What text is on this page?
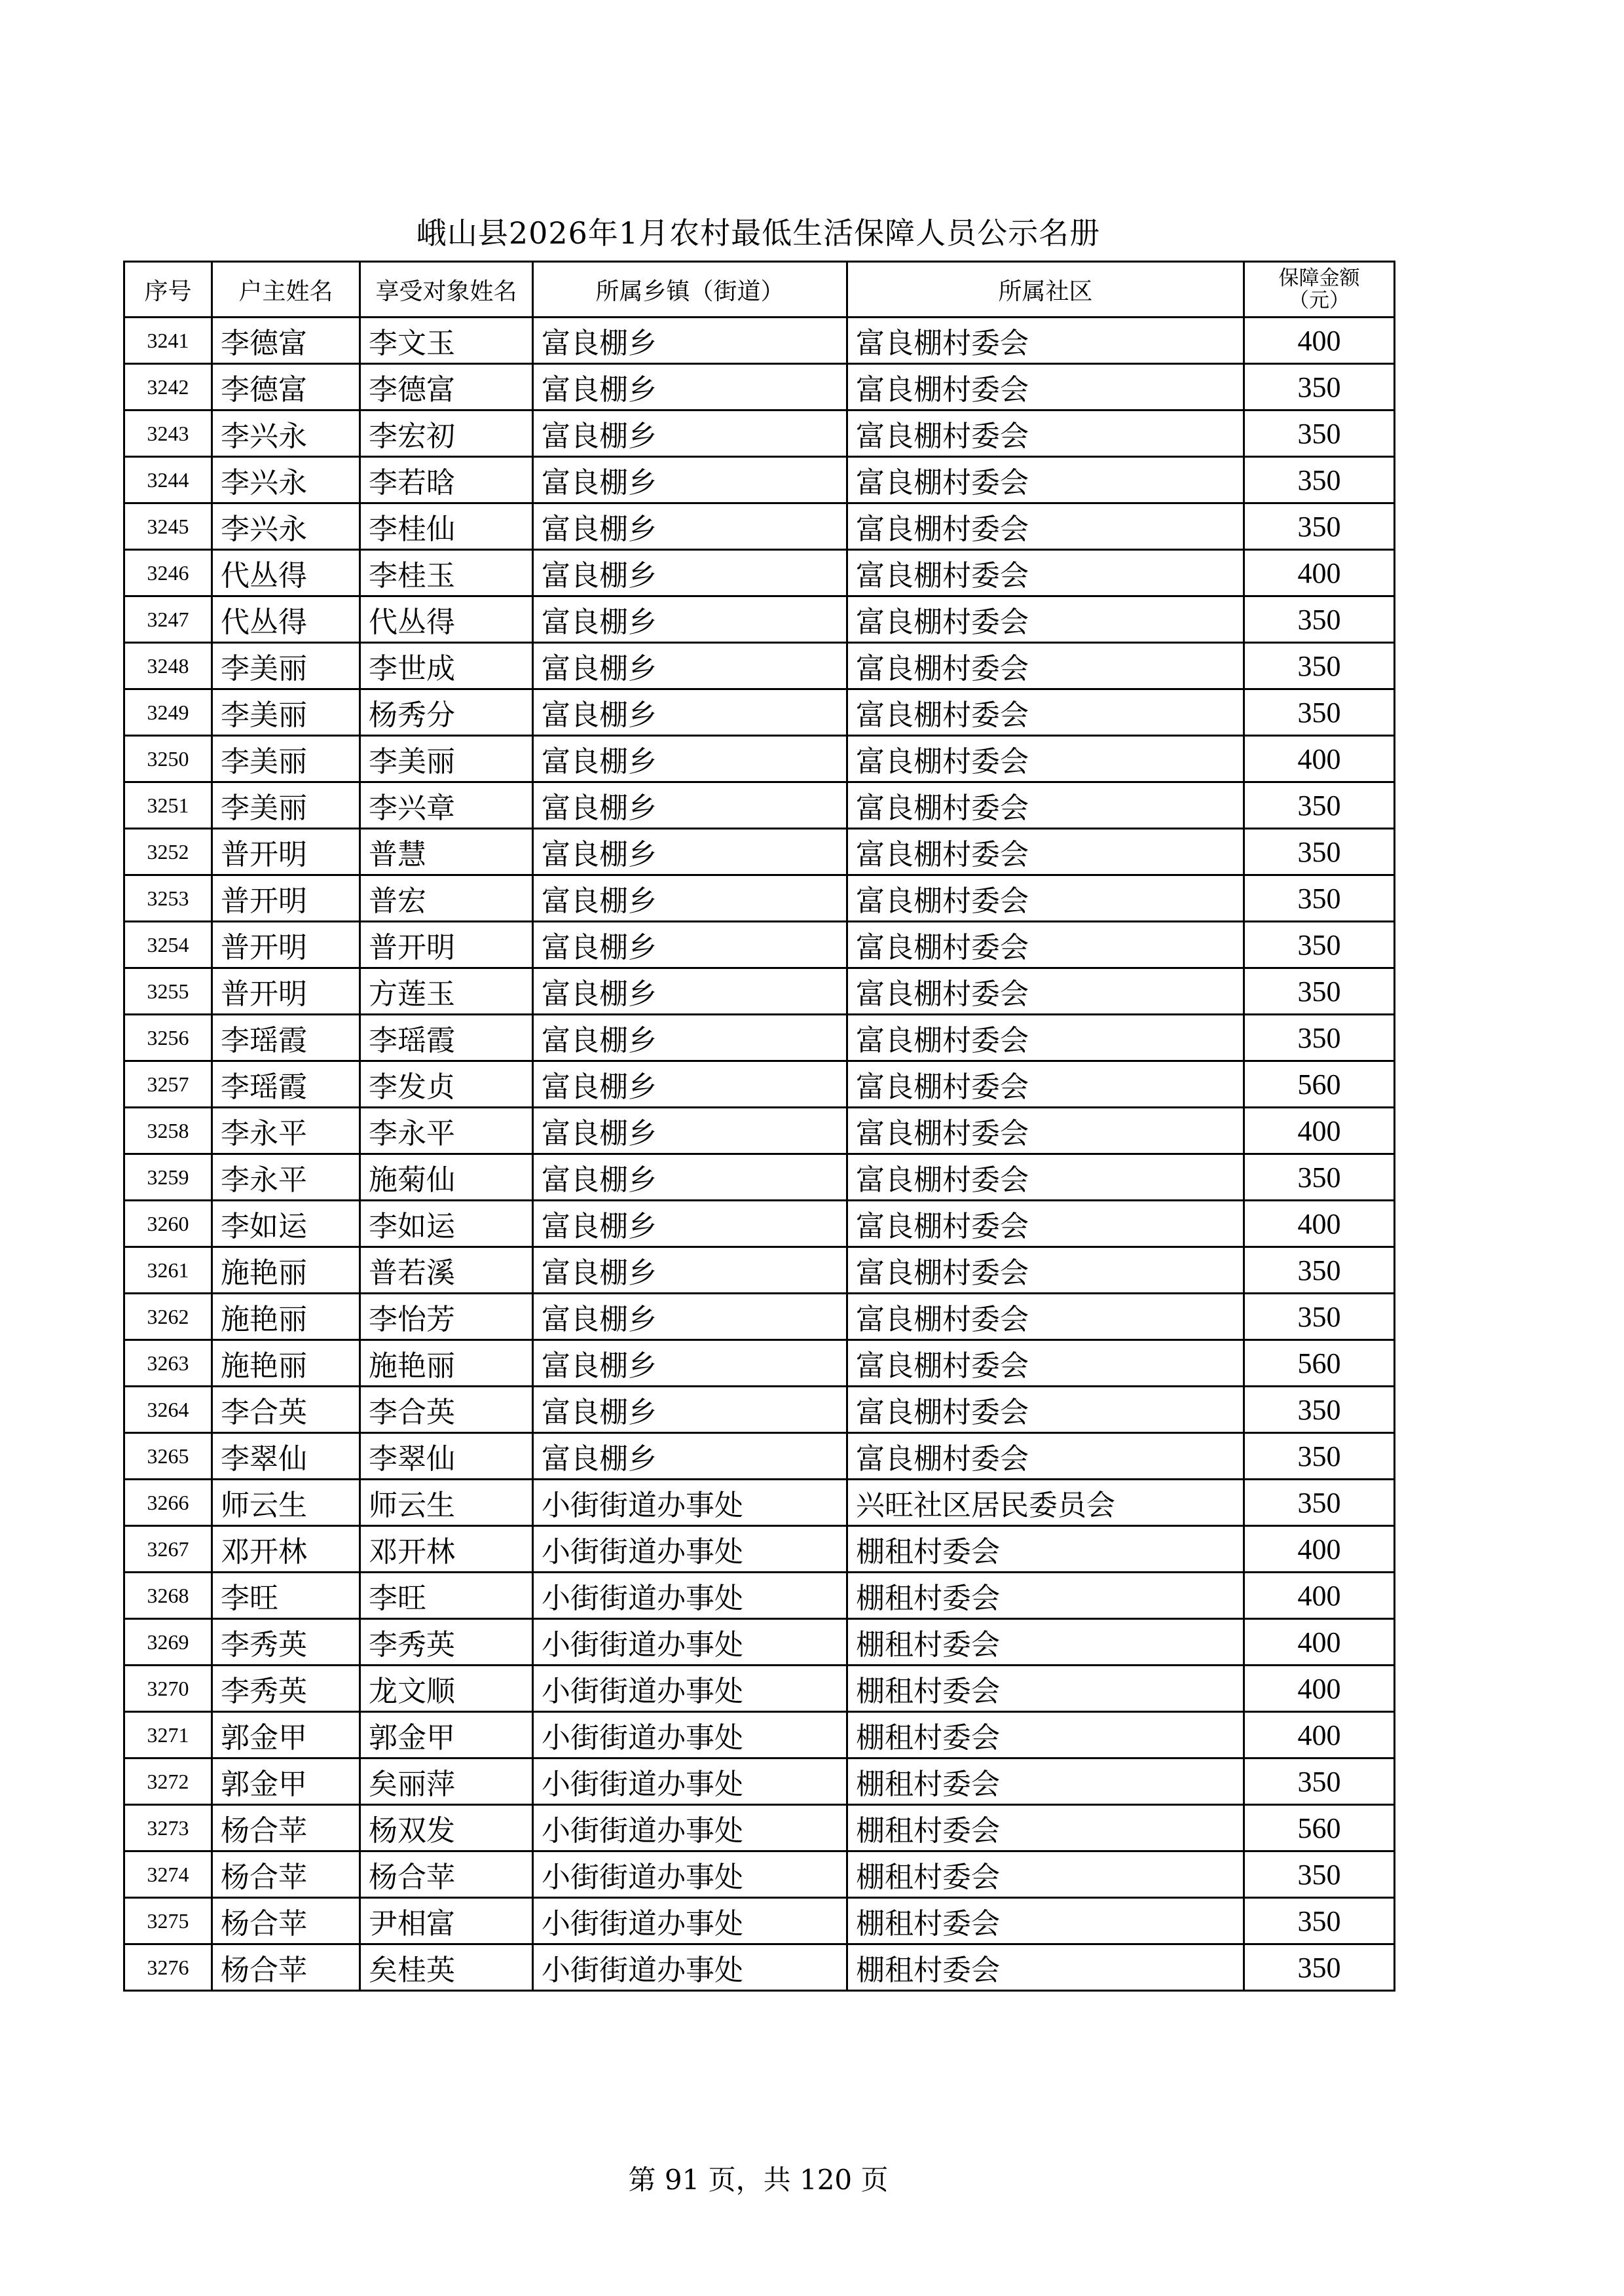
峨山县2026年1月农村最低生活保障人员公示名册
序号	户主姓名	享受对象姓名	所属乡镇（街道）	所属社区	保障金额
（元）
3241	李德富	李文玉	富良棚乡	富良棚村委会	400
3242	李德富	李德富	富良棚乡	富良棚村委会	350
3243	李兴永	李宏初	富良棚乡	富良棚村委会	350
3244	李兴永	李若晗	富良棚乡	富良棚村委会	350
3245	李兴永	李桂仙	富良棚乡	富良棚村委会	350
3246	代丛得	李桂玉	富良棚乡	富良棚村委会	400
3247	代丛得	代丛得	富良棚乡	富良棚村委会	350
3248	李美丽	李世成	富良棚乡	富良棚村委会	350
3249	李美丽	杨秀分	富良棚乡	富良棚村委会	350
3250	李美丽	李美丽	富良棚乡	富良棚村委会	400
3251	李美丽	李兴章	富良棚乡	富良棚村委会	350
3252	普开明	普慧	富良棚乡	富良棚村委会	350
3253	普开明	普宏	富良棚乡	富良棚村委会	350
3254	普开明	普开明	富良棚乡	富良棚村委会	350
3255	普开明	方莲玉	富良棚乡	富良棚村委会	350
3256	李瑶霞	李瑶霞	富良棚乡	富良棚村委会	350
3257	李瑶霞	李发贞	富良棚乡	富良棚村委会	560
3258	李永平	李永平	富良棚乡	富良棚村委会	400
3259	李永平	施菊仙	富良棚乡	富良棚村委会	350
3260	李如运	李如运	富良棚乡	富良棚村委会	400
3261	施艳丽	普若溪	富良棚乡	富良棚村委会	350
3262	施艳丽	李怡芳	富良棚乡	富良棚村委会	350
3263	施艳丽	施艳丽	富良棚乡	富良棚村委会	560
3264	李合英	李合英	富良棚乡	富良棚村委会	350
3265	李翠仙	李翠仙	富良棚乡	富良棚村委会	350
3266	师云生	师云生	小街街道办事处	兴旺社区居民委员会	350
3267	邓开林	邓开林	小街街道办事处	棚租村委会	400
3268	李旺	李旺	小街街道办事处	棚租村委会	400
3269	李秀英	李秀英	小街街道办事处	棚租村委会	400
3270	李秀英	龙文顺	小街街道办事处	棚租村委会	400
3271	郭金甲	郭金甲	小街街道办事处	棚租村委会	400
3272	郭金甲	矣丽萍	小街街道办事处	棚租村委会	350
3273	杨合苹	杨双发	小街街道办事处	棚租村委会	560
3274	杨合苹	杨合苹	小街街道办事处	棚租村委会	350
3275	杨合苹	尹相富	小街街道办事处	棚租村委会	350
3276	杨合苹	矣桂英	小街街道办事处	棚租村委会	350
第 91 页，共 120 页
